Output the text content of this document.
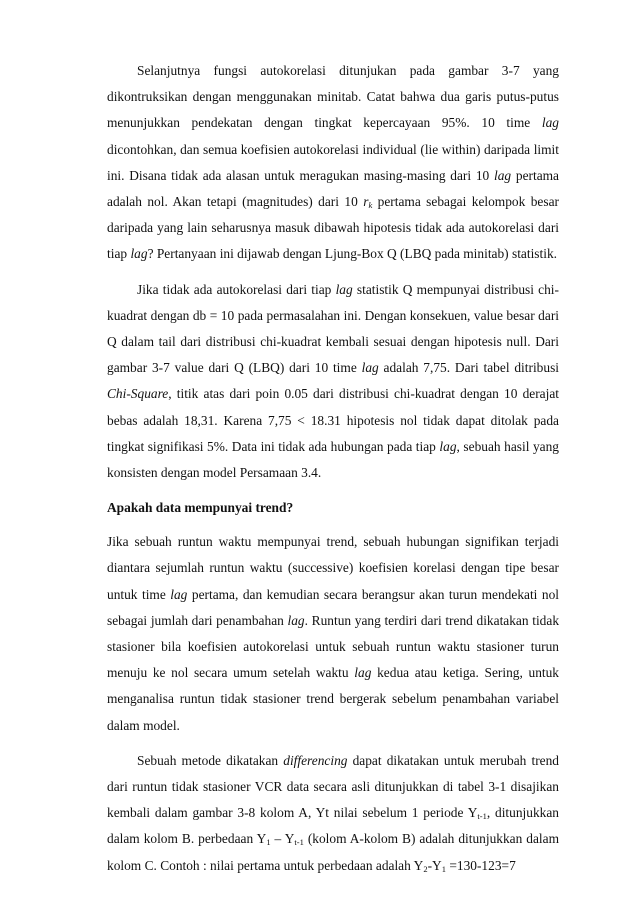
Selanjutnya fungsi autokorelasi ditunjukan pada gambar 3-7 yang dikontruksikan dengan menggunakan minitab. Catat bahwa dua garis putus-putus menunjukkan pendekatan dengan tingkat kepercayaan 95%. 10 time lag dicontohkan, dan semua koefisien autokorelasi individual (lie within) daripada limit ini. Disana tidak ada alasan untuk meragukan masing-masing dari 10 lag pertama adalah nol. Akan tetapi (magnitudes) dari 10 $r_k$ pertama sebagai kelompok besar daripada yang lain seharusnya masuk dibawah hipotesis tidak ada autokorelasi dari tiap lag? Pertanyaan ini dijawab dengan Ljung-Box Q (LBQ pada minitab) statistik.

Jika tidak ada autokorelasi dari tiap lag statistik Q mempunyai distribusi chi-kuadrat dengan db = 10 pada permasalahan ini. Dengan konsekuen, value besar dari Q dalam tail dari distribusi chi-kuadrat kembali sesuai dengan hipotesis null. Dari gambar 3-7 value dari Q (LBQ) dari 10 time lag adalah 7,75. Dari tabel ditribusi Chi-Square, titik atas dari poin 0.05 dari distribusi chi-kuadrat dengan 10 derajat bebas adalah 18,31. Karena 7,75 < 18.31 hipotesis nol tidak dapat ditolak pada tingkat signifikasi 5%. Data ini tidak ada hubungan pada tiap lag, sebuah hasil yang konsisten dengan model Persamaan 3.4.

Apakah data mempunyai trend?

Jika sebuah runtun waktu mempunyai trend, sebuah hubungan signifikan terjadi diantara sejumlah runtun waktu (successive) koefisien korelasi dengan tipe besar untuk time lag pertama, dan kemudian secara berangsur akan turun mendekati nol sebagai jumlah dari penambahan lag. Runtun yang terdiri dari trend dikatakan tidak stasioner bila koefisien autokorelasi untuk sebuah runtun waktu stasioner turun menuju ke nol secara umum setelah waktu lag kedua atau ketiga. Sering, untuk menganalisa runtun tidak stasioner trend bergerak sebelum penambahan variabel dalam model.

Sebuah metode dikatakan differencing dapat dikatakan untuk merubah trend dari runtun tidak stasioner VCR data secara asli ditunjukkan di tabel 3-1 disajikan kembali dalam gambar 3-8 kolom A, Yt nilai sebelum 1 periode $Y_{t-1}$, ditunjukkan dalam kolom B. perbedaan $Y_1 - Y_{t-1}$ (kolom A-kolom B) adalah ditunjukkan dalam kolom C. Contoh : nilai pertama untuk perbedaan adalah $Y_2-Y_1 =130-123=7$
